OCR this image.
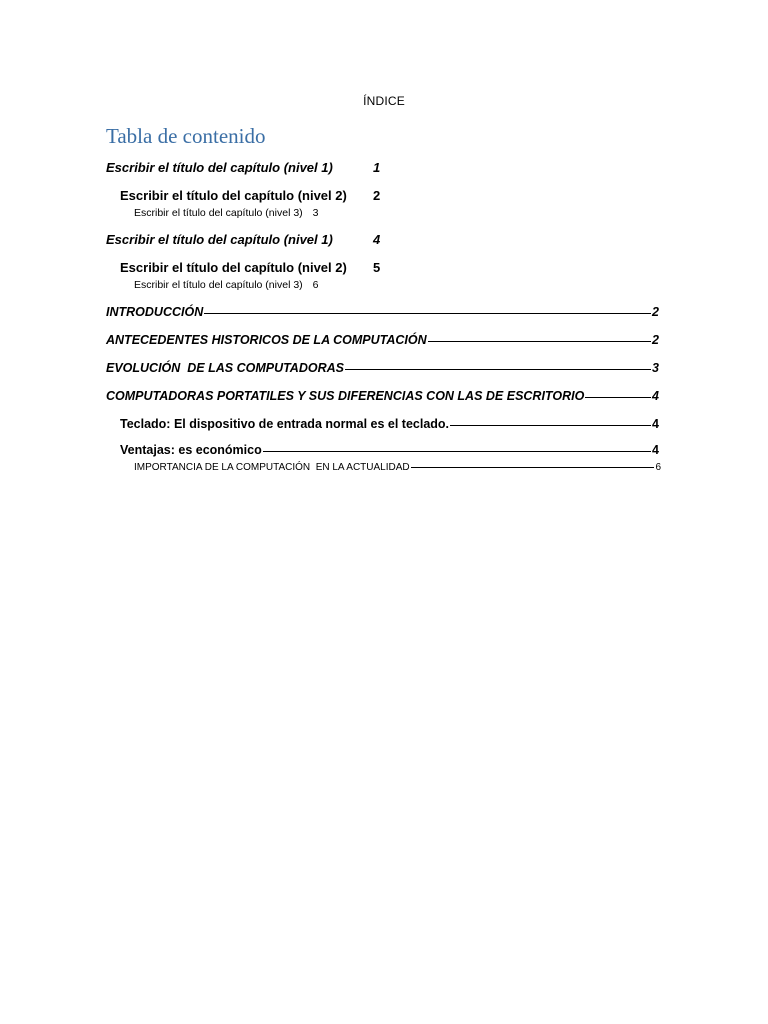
ÍNDICE
Tabla de contenido
Escribir el título del capítulo (nivel 1)	1
Escribir el título del capítulo (nivel 2) 2
Escribir el título del capítulo (nivel 3) 3
Escribir el título del capítulo (nivel 1)	4
Escribir el título del capítulo (nivel 2) 5
Escribir el título del capítulo (nivel 3) 6
INTRODUCCIÓN	2
ANTECEDENTES HISTORICOS DE LA COMPUTACIÓN	2
EVOLUCIÓN  DE LAS COMPUTADORAS	3
COMPUTADORAS PORTATILES Y SUS DIFERENCIAS CON LAS DE ESCRITORIO	4
Teclado: El dispositivo de entrada normal es el teclado.	4
Ventajas: es económico	4
IMPORTANCIA DE LA COMPUTACIÓN  EN LA ACTUALIDAD	6
